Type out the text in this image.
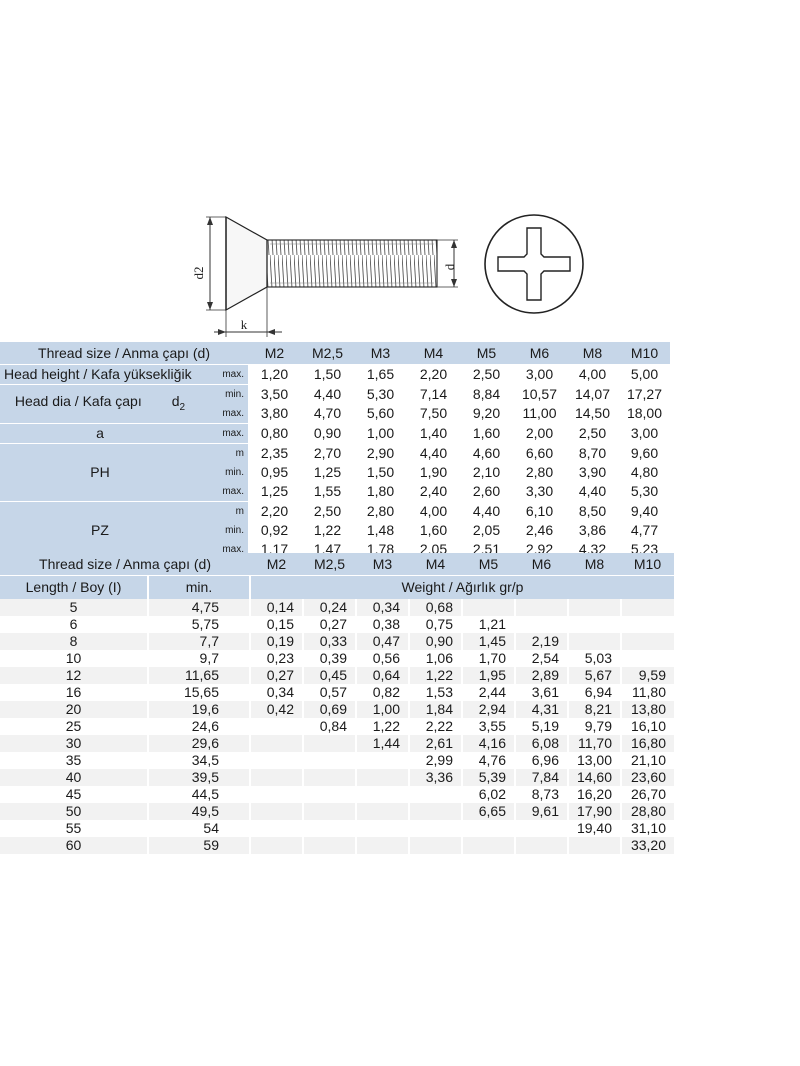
d2	d
k
Thread size / Anma çapı (d)		M2	M2,5	M3	M4	M5	M6	M8	M10
Head height / Kafa yüksekliğik	max.	1,20	1,50	1,65	2,20	2,50	3,00	4,00	5,00
Head dia / Kafa çapı $d_2$	min.	3,50	4,40	5,30	7,14	8,84	10,57	14,07	17,27
	max.	3,80	4,70	5,60	7,50	9,20	11,00	14,50	18,00
a	max.	0,80	0,90	1,00	1,40	1,60	2,00	2,50	3,00
PH	m	2,35	2,70	2,90	4,40	4,60	6,60	8,70	9,60
	min.	0,95	1,25	1,50	1,90	2,10	2,80	3,90	4,80
	max.	1,25	1,55	1,80	2,40	2,60	3,30	4,40	5,30
PZ	m	2,20	2,50	2,80	4,00	4,40	6,10	8,50	9,40
	min.	0,92	1,22	1,48	1,60	2,05	2,46	3,86	4,77
	max.	1,17	1,47	1,78	2,05	2,51	2,92	4,32	5,23
Thread size / Anma çapı (d)		M2	M2,5	M3	M4	M5	M6	M8	M10
Length / Boy (I)	min.	Weight / Ağırlık gr/p							
5	4,75	0,14	0,24	0,34	0,68				
6	5,75	0,15	0,27	0,38	0,75	1,21			
8	7,7	0,19	0,33	0,47	0,90	1,45	2,19		
10	9,7	0,23	0,39	0,56	1,06	1,70	2,54	5,03	
12	11,65	0,27	0,45	0,64	1,22	1,95	2,89	5,67	9,59
16	15,65	0,34	0,57	0,82	1,53	2,44	3,61	6,94	11,80
20	19,6	0,42	0,69	1,00	1,84	2,94	4,31	8,21	13,80
25	24,6		0,84	1,22	2,22	3,55	5,19	9,79	16,10
30	29,6			1,44	2,61	4,16	6,08	11,70	16,80
35	34,5				2,99	4,76	6,96	13,00	21,10
40	39,5				3,36	5,39	7,84	14,60	23,60
45	44,5					6,02	8,73	16,20	26,70
50	49,5					6,65	9,61	17,90	28,80
55	54							19,40	31,10
60	59								33,20
